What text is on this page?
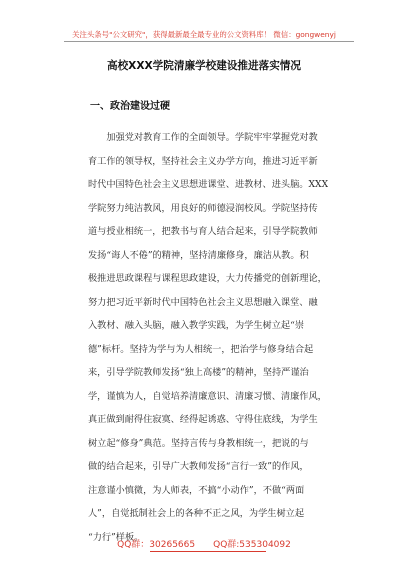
关注头条号"公文研究"，获得最新最全最专业的公文资料库！ 微信：gongwenyj
高校XXX学院清廉学校建设推进落实情况
一、政治建设过硬
　　加强党对教育工作的全面领导。学院牢牢掌握党对教
育工作的领导权，坚持社会主义办学方向，推进习近平新
时代中国特色社会主义思想进课堂、进教材、进头脑。XXX
学院努力纯洁教风，用良好的师德浸润校风。学院坚持传
道与授业相统一，把教书与育人结合起来，引导学院教师
发扬“诲人不倦”的精神，坚持清廉修身，廉洁从教。积
极推进思政课程与课程思政建设，大力传播党的创新理论，
努力把习近平新时代中国特色社会主义思想融入课堂、融
入教材、融入头脑，融入教学实践，为学生树立起“崇
德”标杆。坚持为学与为人相统一，把治学与修身结合起
来，引导学院教师发扬“独上高楼”的精神，坚持严谨治
学，谨慎为人，自觉培养清廉意识、清廉习惯、清廉作风，
真正做到耐得住寂寞、经得起诱惑、守得住底线，为学生
树立起“修身”典范。坚持言传与身教相统一，把说的与
做的结合起来，引导广大教师发扬“言行一致”的作风，
注意谨小慎微，为人师表，不搞“小动作”，不做“两面
人”，自觉抵制社会上的各种不正之风，为学生树立起
“力行”样板。
QQ群：30265665 QQ群:535304092
